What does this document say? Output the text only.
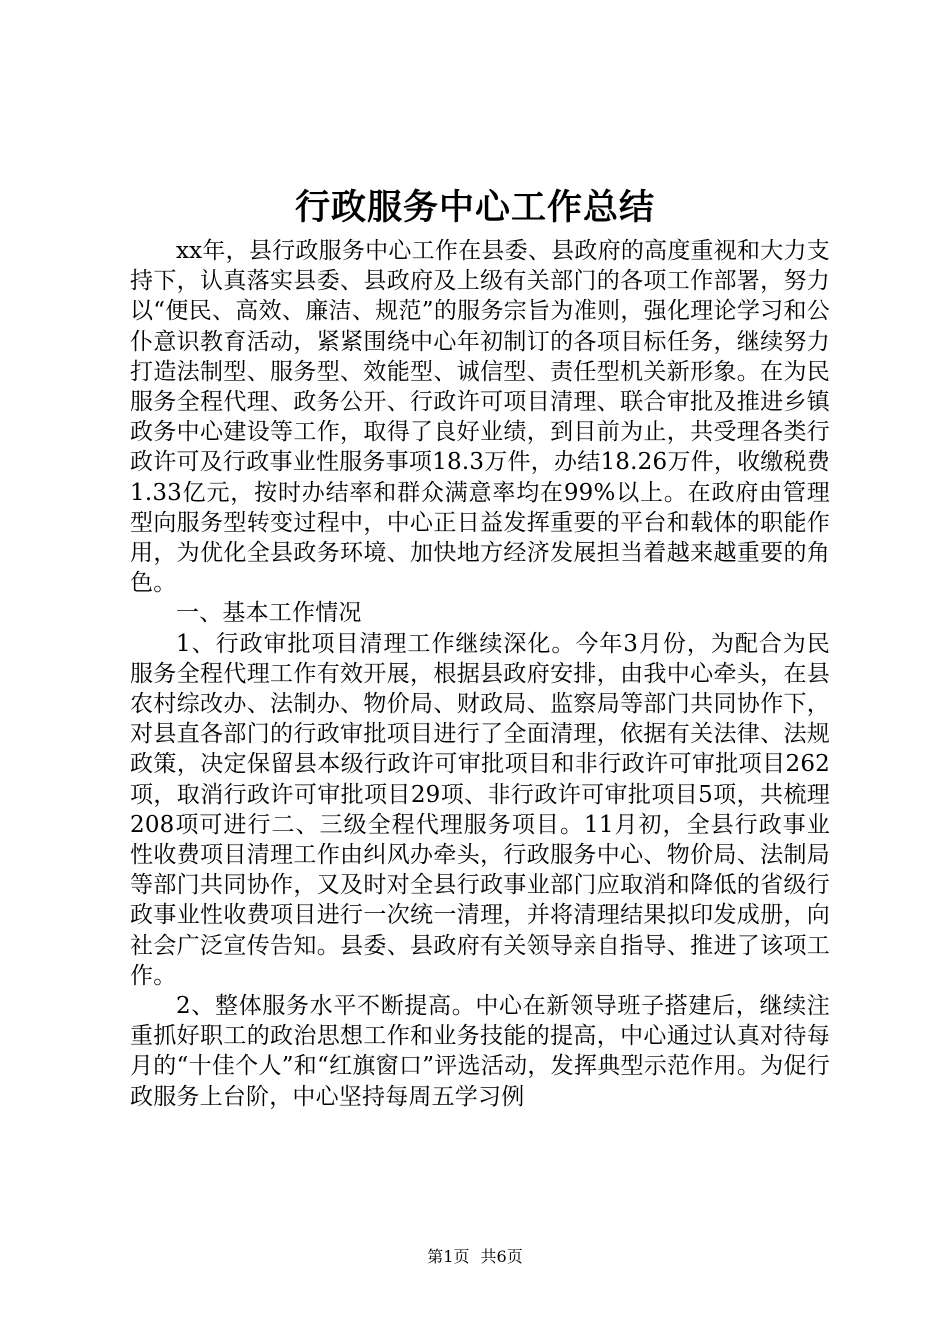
行政服务中心工作总结

xx年，县行政服务中心工作在县委、县政府的高度重视和大力支持下，认真落实县委、县政府及上级有关部门的各项工作部署，努力以“便民、高效、廉洁、规范”的服务宗旨为准则，强化理论学习和公仆意识教育活动，紧紧围绕中心年初制订的各项目标任务，继续努力打造法制型、服务型、效能型、诚信型、责任型机关新形象。在为民服务全程代理、政务公开、行政许可项目清理、联合审批及推进乡镇政务中心建设等工作，取得了良好业绩，到目前为止，共受理各类行政许可及行政事业性服务事项18.3万件，办结18.26万件，收缴税费1.33亿元，按时办结率和群众满意率均在99%以上。在政府由管理型向服务型转变过程中，中心正日益发挥重要的平台和载体的职能作用，为优化全县政务环境、加快地方经济发展担当着越来越重要的角色。

一、基本工作情况

1、行政审批项目清理工作继续深化。今年3月份，为配合为民服务全程代理工作有效开展，根据县政府安排，由我中心牵头，在县农村综改办、法制办、物价局、财政局、监察局等部门共同协作下，对县直各部门的行政审批项目进行了全面清理，依据有关法律、法规政策，决定保留县本级行政许可审批项目和非行政许可审批项目262项，取消行政许可审批项目29项、非行政许可审批项目5项，共梳理208项可进行二、三级全程代理服务项目。11月初，全县行政事业性收费项目清理工作由纠风办牵头，行政服务中心、物价局、法制局等部门共同协作，又及时对全县行政事业部门应取消和降低的省级行政事业性收费项目进行一次统一清理，并将清理结果拟印发成册，向社会广泛宣传告知。县委、县政府有关领导亲自指导、推进了该项工作。

2、整体服务水平不断提高。中心在新领导班子搭建后，继续注重抓好职工的政治思想工作和业务技能的提高，中心通过认真对待每月的“十佳个人”和“红旗窗口”评选活动，发挥典型示范作用。为促行政服务上台阶，中心坚持每周五学习例

第1页 共6页
